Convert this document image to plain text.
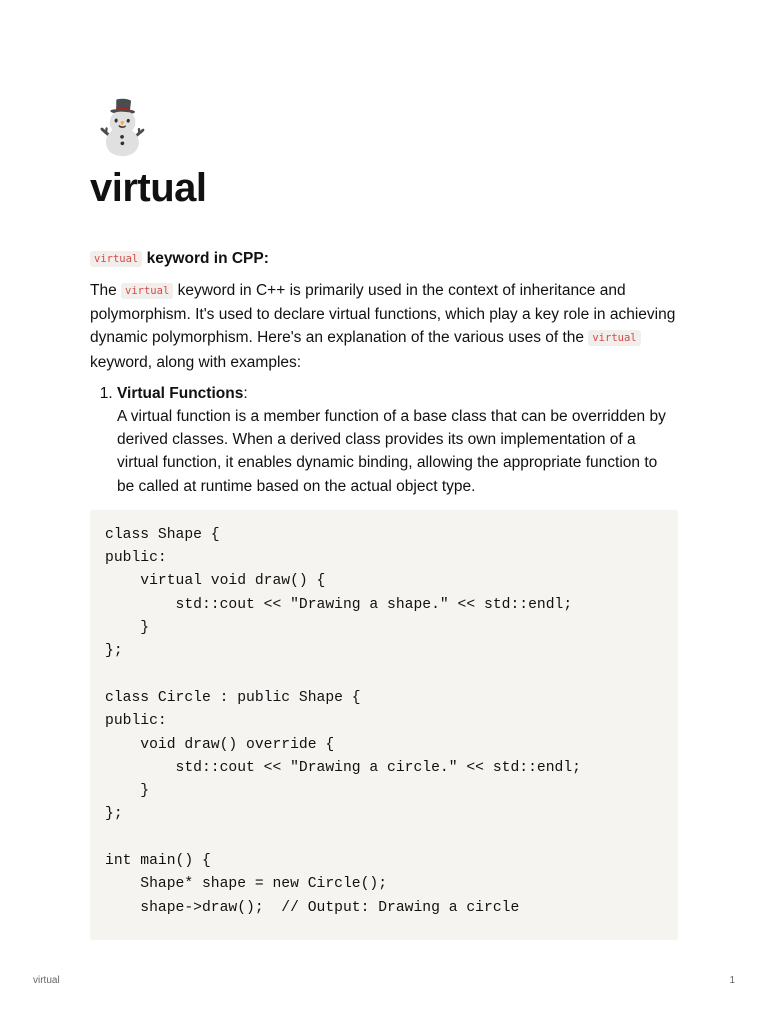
⛄
virtual
virtual keyword in CPP:

The virtual keyword in C++ is primarily used in the context of inheritance and polymorphism. It's used to declare virtual functions, which play a key role in achieving dynamic polymorphism. Here's an explanation of the various uses of the virtual keyword, along with examples:

1. Virtual Functions:
A virtual function is a member function of a base class that can be overridden by derived classes. When a derived class provides its own implementation of a virtual function, it enables dynamic binding, allowing the appropriate function to be called at runtime based on the actual object type.
class Shape {
public:
virtual void draw() {
std::cout << "Drawing a shape." << std::endl;
}
};

class Circle : public Shape {
public:
void draw() override {
std::cout << "Drawing a circle." << std::endl;
}
};

int main() {
Shape* shape = new Circle();
shape->draw();  // Output: Drawing a circle
virtual	1
